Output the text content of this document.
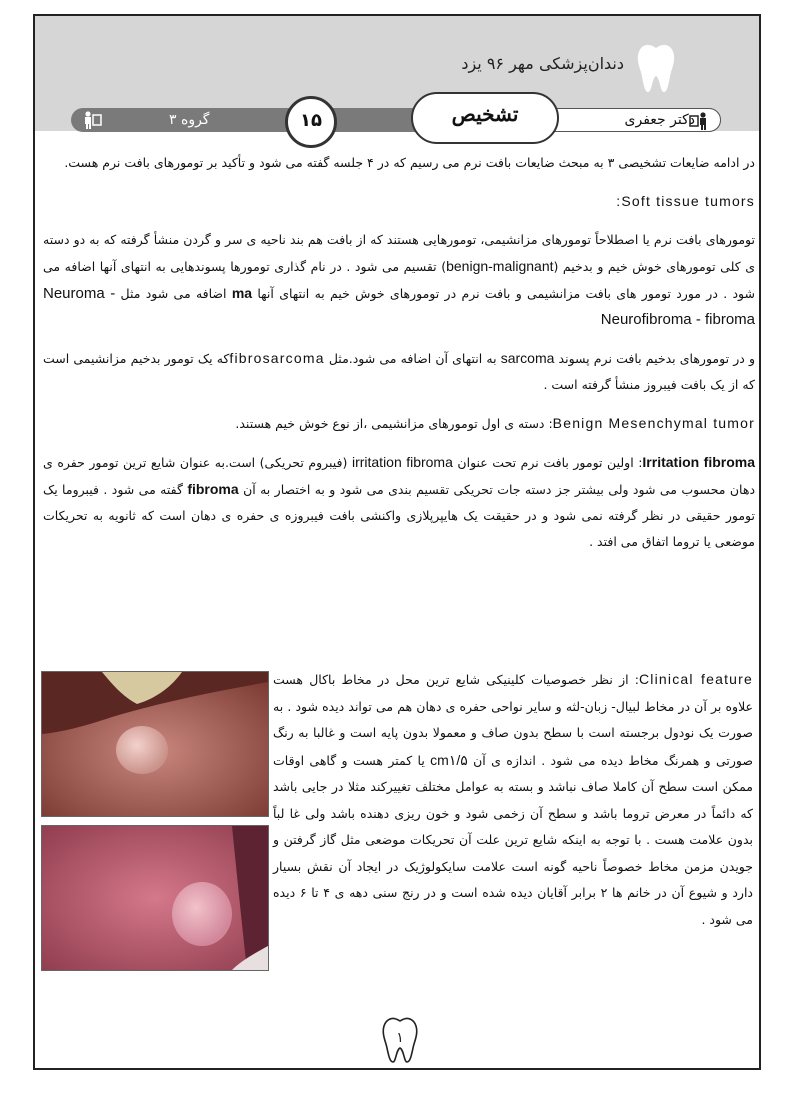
دندان‌پزشکی مهر ۹۶ یزد
دکتر جعفری
گروه ۳	تشخیص
۱۵

در ادامه ضایعات تشخیصی ۳ به مبحث ضایعات بافت نرم می رسیم که در ۴ جلسه گفته می شود و تأکید بر تومورهای بافت نرم هست.

:Soft tissue tumors

تومورهای بافت نرم یا اصطلاحاً تومورهای مزانشیمی، تومورهایی هستند که از بافت هم بند ناحیه ی سر و گردن منشأ گرفته که به دو دسته ی کلی تومورهای خوش خیم و بدخیم (benign-malignant) تقسیم می شود . در نام گذاری تومورها پسوندهایی به انتهای آنها اضافه می شود . در مورد تومور های بافت مزانشیمی و بافت نرم در تومورهای خوش خیم به انتهای آنها ma اضافه می شود مثل Neuroma -Neurofibroma - fibroma

و در تومورهای بدخیم بافت نرم پسوند sarcoma به انتهای آن اضافه می شود.مثل fibrosarcomaکه یک تومور بدخیم مزانشیمی است که از یک بافت فیبروز منشأ گرفته است .

Benign Mesenchymal tumor: دسته ی اول تومورهای مزانشیمی ،از نوع خوش خیم هستند.

Irritation fibroma: اولین تومور بافت نرم تحت عنوان irritation fibroma (فیبروم تحریکی) است.به عنوان شایع ترین تومور حفره ی دهان محسوب می شود ولی بیشتر جز دسته جات تحریکی تقسیم بندی می شود و به اختصار به آن fibroma گفته می شود . فیبروما یک تومور حقیقی در نظر گرفته نمی شود و در حقیقت یک هایپرپلازی واکنشی بافت فیبروزه ی حفره ی دهان است که ثانویه به تحریکات موضعی یا تروما اتفاق می افتد .

Clinical feature: از نظر خصوصیات کلینیکی شایع ترین محل در مخاط باکال هست علاوه بر آن در مخاط لبیال- زبان-لثه و سایر نواحی حفره ی دهان هم می تواند دیده شود . به صورت یک نودول برجسته است با سطح بدون صاف و معمولا بدون پایه است و غالبا به رنگ صورتی و همرنگ مخاط دیده می شود . اندازه ی آن cm۱/۵ یا کمتر هست و گاهی اوقات ممکن است سطح آن کاملا صاف نباشد و بسته به عوامل مختلف تغییرکند مثلا در جایی باشد که دائماً در معرض تروما باشد و سطح آن زخمی شود و خون ریزی دهنده باشد ولی غا لباً بدون علامت هست . با توجه به اینکه شایع ترین علت آن تحریکات موضعی مثل گاز گرفتن و جویدن مزمن مخاط خصوصاً ناحیه گونه است علامت سایکولوژیک در ایجاد آن نقش بسیار دارد و شیوع آن در خانم ها ۲ برابر آقایان دیده شده است و در رنج سنی دهه ی ۴ تا ۶ دیده می شود .
۱
